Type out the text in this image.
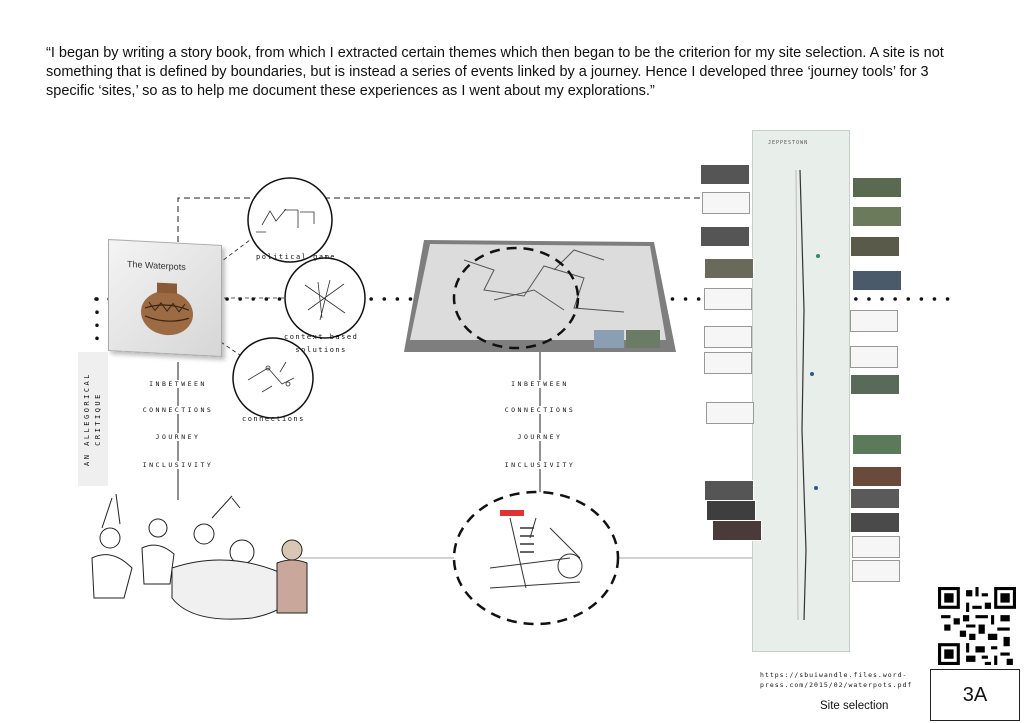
“I began by writing a story book, from which I extracted certain themes which then began to be the criterion for my site selection. A site is not something that is defined by boundaries, but is instead a series of events linked by a journey. Hence I developed three ‘journey tools’ for 3 specific ‘sites,’ so as to help me document these experiences as I went about my explorations.”
The Waterpots
political game
context based
solutions
connections
AN ALLEGORICAL CRITIQUE
INBETWEEN
CONNECTIONS
JOURNEY
INCLUSIVITY
INBETWEEN
CONNECTIONS
JOURNEY
INCLUSIVITY
JEPPESTOWN
https://sbuiwandle.files.word-
press.com/2015/02/waterpots.pdf
Site selection
3A
